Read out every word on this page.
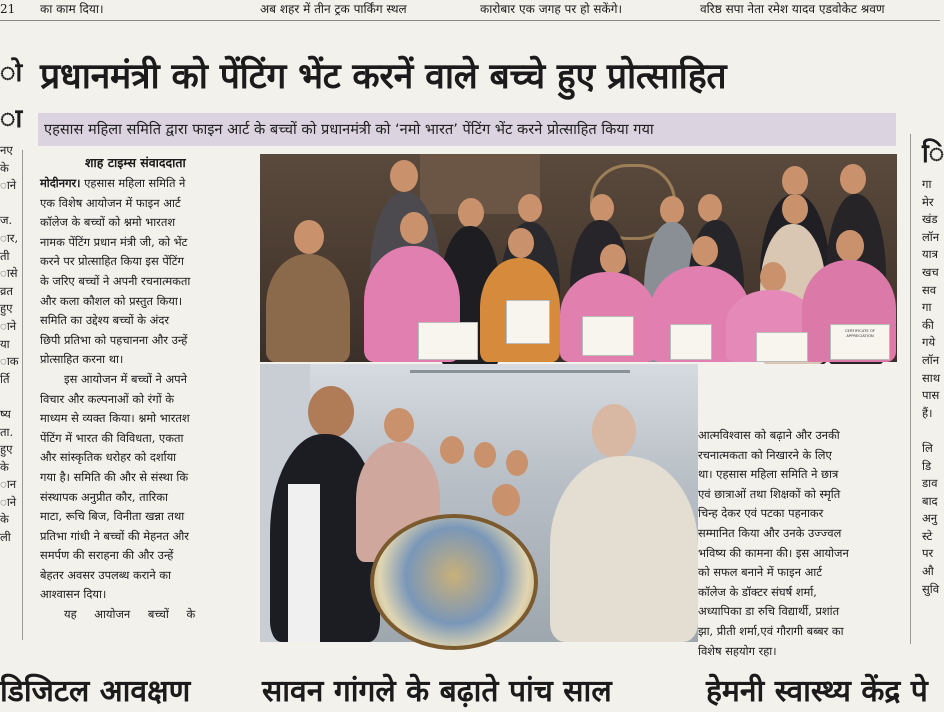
21 का काम दिया।	अब शहर में तीन ट्रक पार्किंग स्थल	कारोबार एक जगह पर हो सकेंगे।	वरिष्ठ सपा नेता रमेश यादव एडवोकेट श्रवण
ो
ा
नए
के
ाने

ज.
ार,
ती
ासे
व्रत
हुए
ाने
या
ाक
र्ति

ष्य
ता.
हुए
के
ान
ाने
के
ली
ि
गा
मेर
खंड
लॉन
यात्र
खच
सव
गा
की
गये
लॉन
साथ
पास
हैं।

लि
डि
डाव
बाद
अनु
स्टे
पर
औ
सुवि
प्रधानमंत्री को पेंटिंग भेंट करनें वाले बच्चे हुए प्रोत्साहित
एहसास महिला समिति द्वारा फाइन आर्ट के बच्चों को प्रधानमंत्री को ‘नमो भारत’ पेंटिंग भेंट करने प्रोत्साहित किया गया
शाह टाइम्स संवाददाता
मोदीनगर। एहसास महिला समिति ने
एक विशेष आयोजन में फाइन आर्ट
कॉलेज के बच्चों को श्नमो भारतश
नामक पेंटिंग प्रधान मंत्री जी, को भेंट
करने पर प्रोत्साहित किया इस पेंटिंग
के जरिए बच्चों ने अपनी रचनात्मकता
और कला कौशल को प्रस्तुत किया।
समिति का उद्देश्य बच्चों के अंदर
छिपी प्रतिभा को पहचानना और उन्हें
प्रोत्साहित करना था।
इस आयोजन में बच्चों ने अपने
विचार और कल्पनाओं को रंगों के
माध्यम से व्यक्त किया। श्नमो भारतश
पेंटिंग में भारत की विविधता, एकता
और सांस्कृतिक धरोहर को दर्शाया
गया है। समिति की और से संस्था कि
संस्थापक अनुप्रीत कौर, तारिका
माटा, रूचि बिज, विनीता खन्ना तथा
प्रतिभा गांधी ने बच्चों की मेहनत और
समर्पण की सराहना की और उन्हें
बेहतर अवसर उपलब्ध कराने का
आश्वासन दिया।
यह आयोजन बच्चों के
CERTIFICATE OF APPRECIATION
आत्मविश्वास को बढ़ाने और उनकी
रचनात्मकता को निखारने के लिए
था। एहसास महिला समिति ने छात्र
एवं छात्राओं तथा शिक्षकों को स्मृति
चिन्ह देकर एवं पटका पहनाकर
सम्मानित किया और उनके उज्ज्वल
भविष्य की कामना की। इस आयोजन
को सफल बनाने में फाइन आर्ट
कॉलेज के डॉक्टर संघर्ष शर्मा,
अध्यापिका डा रुचि विद्यार्थी, प्रशांत
झा, प्रीती शर्मा,एवं गौरागी बब्बर का
विशेष सहयोग रहा।
डिजिटल आवक्षण सावन गांगले के बढ़ाते पांच साल	हेमनी स्वास्थ्य केंद्र पे
